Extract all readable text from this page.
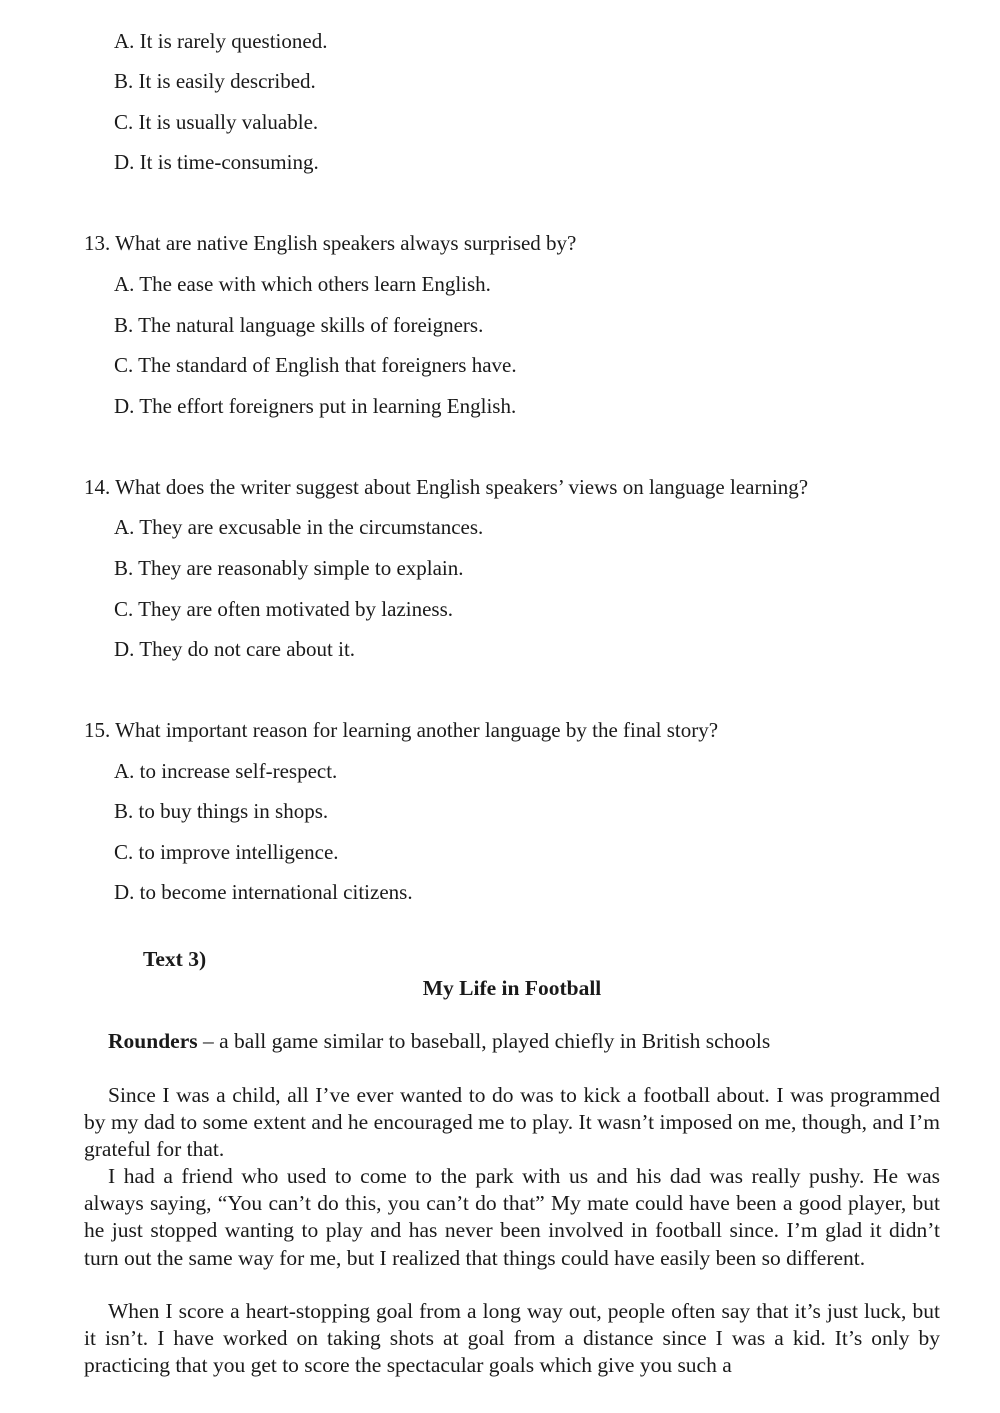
A. It is rarely questioned.
B. It is easily described.
C. It is usually valuable.
D. It is time-consuming.
13. What are native English speakers always surprised by?
A. The ease with which others learn English.
B. The natural language skills of foreigners.
C. The standard of English that foreigners have.
D. The effort foreigners put in learning English.
14. What does the writer suggest about English speakers’ views on language learning?
A. They are excusable in the circumstances.
B. They are reasonably simple to explain.
C. They are often motivated by laziness.
D. They do not care about it.
15. What important reason for learning another language by the final story?
A. to increase self-respect.
B. to buy things in shops.
C. to improve intelligence.
D. to become international citizens.
Text 3)
My Life in Football
Rounders – a ball game similar to baseball, played chiefly in British schools
Since I was a child, all I’ve ever wanted to do was to kick a football about. I was programmed by my dad to some extent and he encouraged me to play. It wasn’t imposed on me, though, and I’m grateful for that.
I had a friend who used to come to the park with us and his dad was really pushy. He was always saying, “You can’t do this, you can’t do that” My mate could have been a good player, but he just stopped wanting to play and has never been involved in football since. I’m glad it didn’t turn out the same way for me, but I realized that things could have easily been so different.
When I score a heart-stopping goal from a long way out, people often say that it’s just luck, but it isn’t. I have worked on taking shots at goal from a distance since I was a kid. It’s only by practicing that you get to score the spectacular goals which give you such a
